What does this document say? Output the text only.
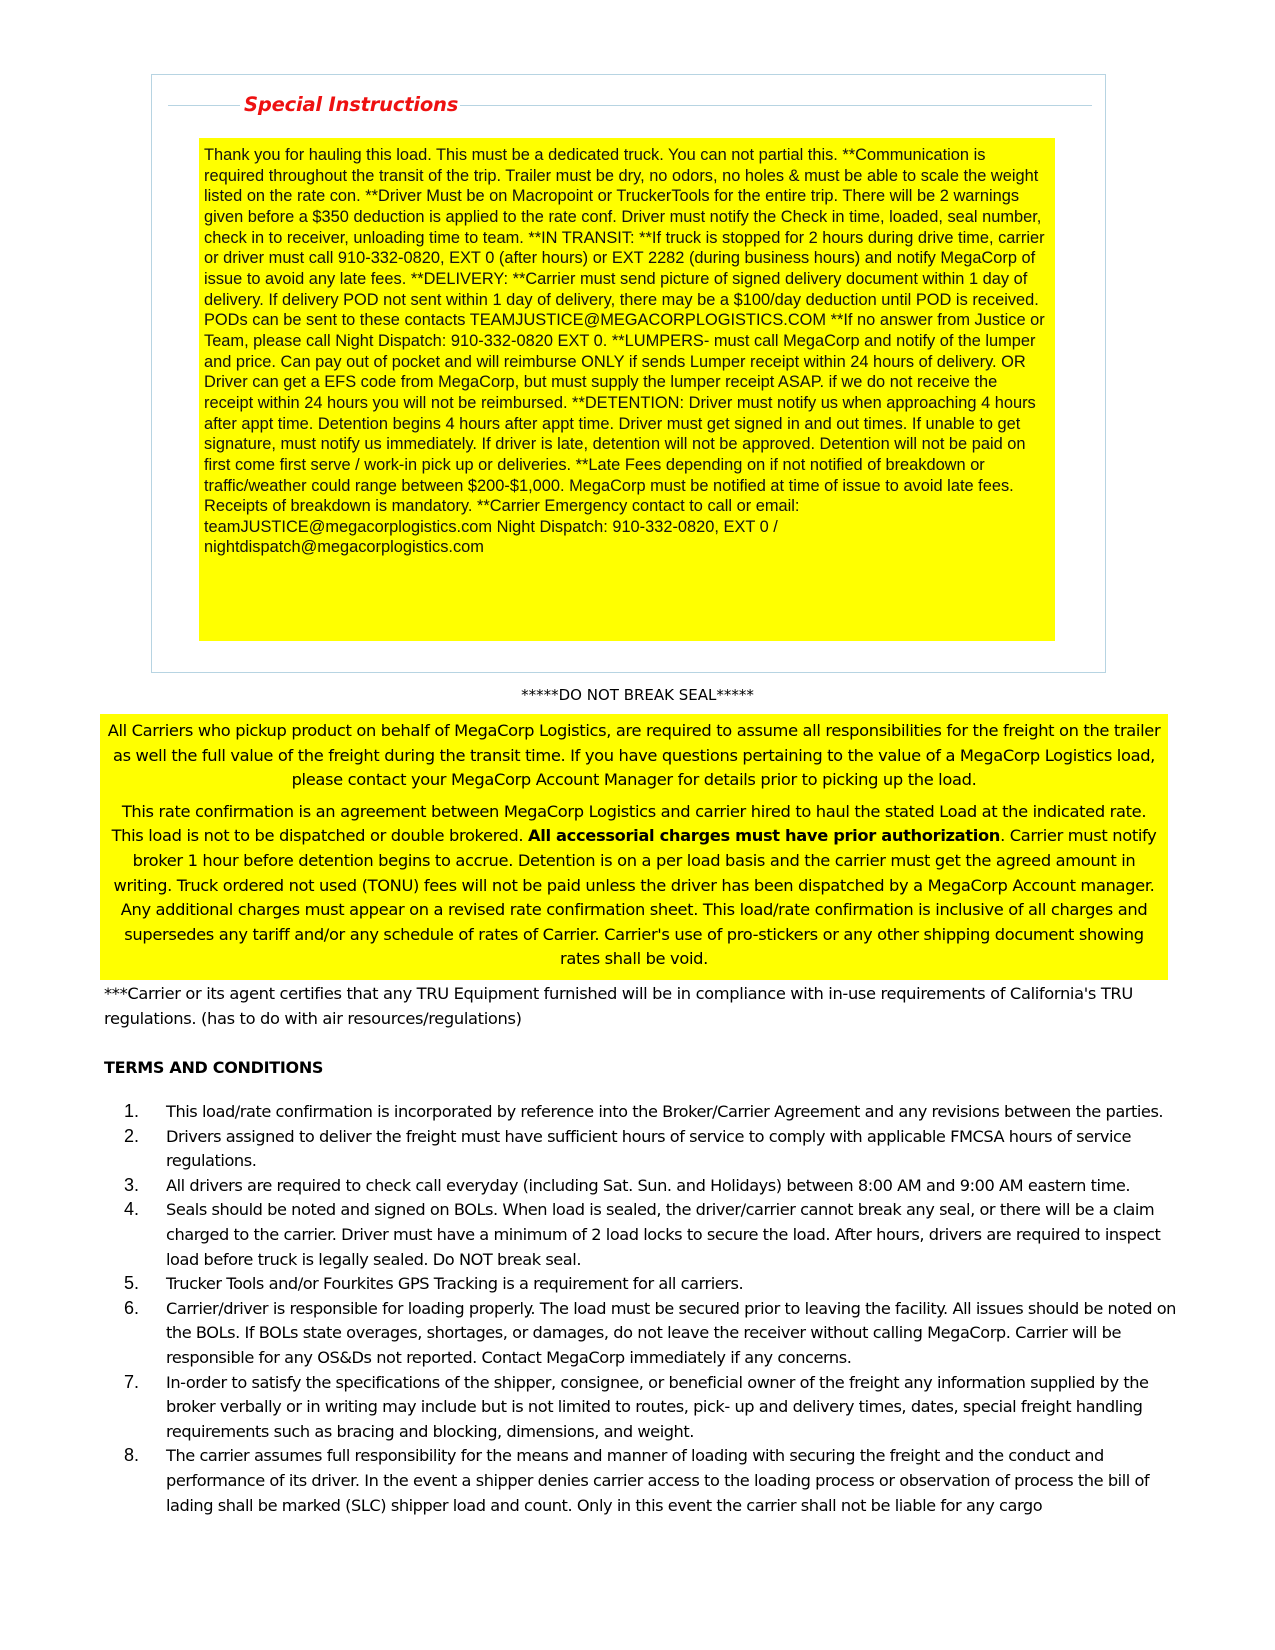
Special Instructions
Thank you for hauling this load. This must be a dedicated truck. You can not partial this. **Communication is required throughout the transit of the trip. Trailer must be dry, no odors, no holes & must be able to scale the weight listed on the rate con. **Driver Must be on Macropoint or TruckerTools for the entire trip. There will be 2 warnings given before a $350 deduction is applied to the rate conf. Driver must notify the Check in time, loaded, seal number, check in to receiver, unloading time to team. **IN TRANSIT: **If truck is stopped for 2 hours during drive time, carrier or driver must call 910-332-0820, EXT 0 (after hours) or EXT 2282 (during business hours) and notify MegaCorp of issue to avoid any late fees. **DELIVERY: **Carrier must send picture of signed delivery document within 1 day of delivery. If delivery POD not sent within 1 day of delivery, there may be a $100/day deduction until POD is received. PODs can be sent to these contacts TEAMJUSTICE@MEGACORPLOGISTICS.COM **If no answer from Justice or Team, please call Night Dispatch: 910-332-0820 EXT 0. **LUMPERS- must call MegaCorp and notify of the lumper and price. Can pay out of pocket and will reimburse ONLY if sends Lumper receipt within 24 hours of delivery. OR Driver can get a EFS code from MegaCorp, but must supply the lumper receipt ASAP. if we do not receive the receipt within 24 hours you will not be reimbursed. **DETENTION: Driver must notify us when approaching 4 hours after appt time. Detention begins 4 hours after appt time. Driver must get signed in and out times. If unable to get signature, must notify us immediately. If driver is late, detention will not be approved. Detention will not be paid on first come first serve / work-in pick up or deliveries. **Late Fees depending on if not notified of breakdown or traffic/weather could range between $200-$1,000. MegaCorp must be notified at time of issue to avoid late fees. Receipts of breakdown is mandatory. **Carrier Emergency contact to call or email: teamJUSTICE@megacorplogistics.com Night Dispatch: 910-332-0820, EXT 0 / nightdispatch@megacorplogistics.com
*****DO NOT BREAK SEAL*****

All Carriers who pickup product on behalf of MegaCorp Logistics, are required to assume all responsibilities for the freight on the trailer as well the full value of the freight during the transit time. If you have questions pertaining to the value of a MegaCorp Logistics load, please contact your MegaCorp Account Manager for details prior to picking up the load.

This rate confirmation is an agreement between MegaCorp Logistics and carrier hired to haul the stated Load at the indicated rate. This load is not to be dispatched or double brokered. All accessorial charges must have prior authorization. Carrier must notify broker 1 hour before detention begins to accrue. Detention is on a per load basis and the carrier must get the agreed amount in writing. Truck ordered not used (TONU) fees will not be paid unless the driver has been dispatched by a MegaCorp Account manager. Any additional charges must appear on a revised rate confirmation sheet. This load/rate confirmation is inclusive of all charges and supersedes any tariff and/or any schedule of rates of Carrier. Carrier's use of pro-stickers or any other shipping document showing rates shall be void.

***Carrier or its agent certifies that any TRU Equipment furnished will be in compliance with in-use requirements of California's TRU regulations. (has to do with air resources/regulations)
TERMS AND CONDITIONS
1. This load/rate confirmation is incorporated by reference into the Broker/Carrier Agreement and any revisions between the parties.
2. Drivers assigned to deliver the freight must have sufficient hours of service to comply with applicable FMCSA hours of service regulations.
3. All drivers are required to check call everyday (including Sat. Sun. and Holidays) between 8:00 AM and 9:00 AM eastern time.
4. Seals should be noted and signed on BOLs. When load is sealed, the driver/carrier cannot break any seal, or there will be a claim charged to the carrier. Driver must have a minimum of 2 load locks to secure the load. After hours, drivers are required to inspect load before truck is legally sealed. Do NOT break seal.
5. Trucker Tools and/or Fourkites GPS Tracking is a requirement for all carriers.
6. Carrier/driver is responsible for loading properly. The load must be secured prior to leaving the facility. All issues should be noted on the BOLs. If BOLs state overages, shortages, or damages, do not leave the receiver without calling MegaCorp. Carrier will be responsible for any OS&Ds not reported. Contact MegaCorp immediately if any concerns.
7. In-order to satisfy the specifications of the shipper, consignee, or beneficial owner of the freight any information supplied by the broker verbally or in writing may include but is not limited to routes, pick- up and delivery times, dates, special freight handling requirements such as bracing and blocking, dimensions, and weight.
8. The carrier assumes full responsibility for the means and manner of loading with securing the freight and the conduct and performance of its driver. In the event a shipper denies carrier access to the loading process or observation of process the bill of lading shall be marked (SLC) shipper load and count. Only in this event the carrier shall not be liable for any cargo
